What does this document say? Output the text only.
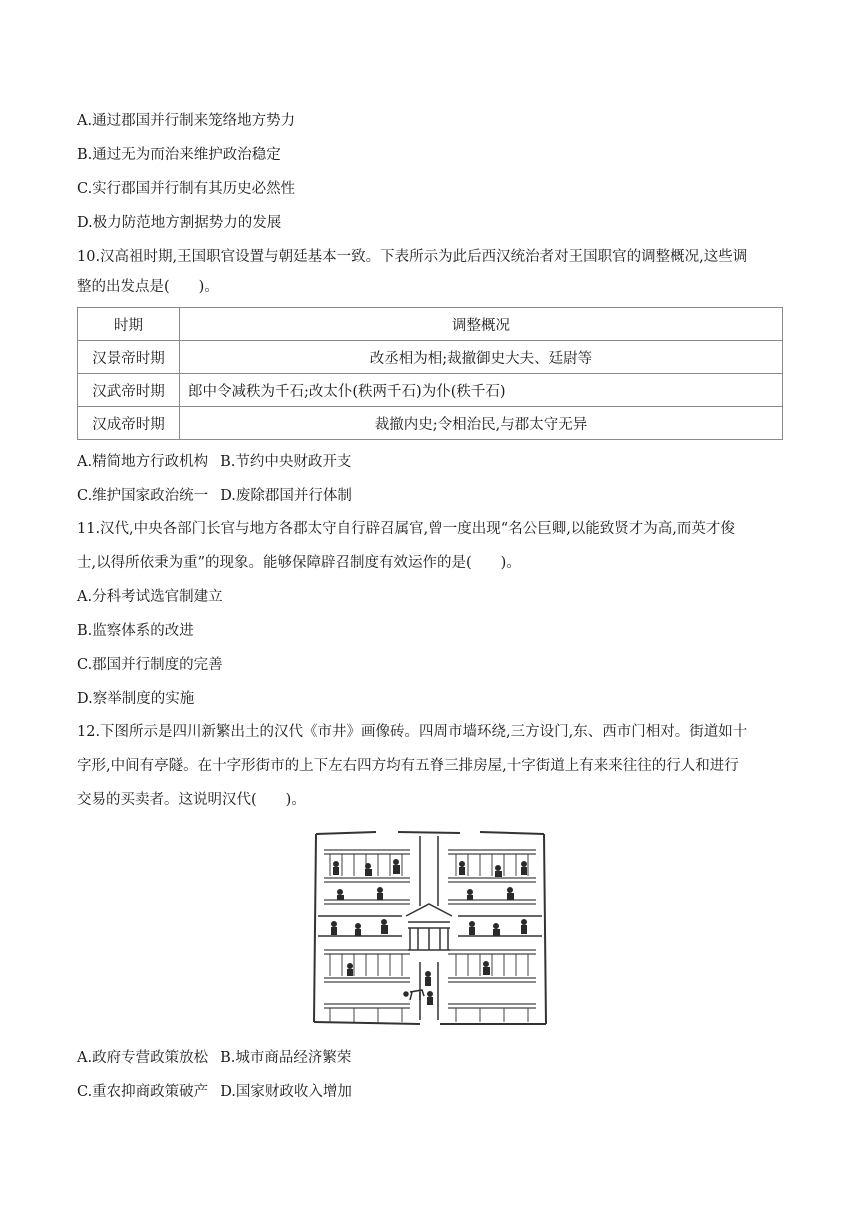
A.通过郡国并行制来笼络地方势力
B.通过无为而治来维护政治稳定
C.实行郡国并行制有其历史必然性
D.极力防范地方割据势力的发展
10.汉高祖时期,王国职官设置与朝廷基本一致。下表所示为此后西汉统治者对王国职官的调整概况,这些调
整的出发点是(　　)。
时期	调整概况
汉景帝时期	改丞相为相;裁撤御史大夫、廷尉等
汉武帝时期	郎中令减秩为千石;改太仆(秩两千石)为仆(秩千石)
汉成帝时期	裁撤内史;令相治民,与郡太守无异
A.精简地方行政机构 B.节约中央财政开支
C.维护国家政治统一 D.废除郡国并行体制
11.汉代,中央各部门长官与地方各郡太守自行辟召属官,曾一度出现“名公巨卿,以能致贤才为高,而英才俊
士,以得所依秉为重”的现象。能够保障辟召制度有效运作的是(　　)。
A.分科考试选官制建立
B.监察体系的改进
C.郡国并行制度的完善
D.察举制度的实施
12.下图所示是四川新繁出土的汉代《市井》画像砖。四周市墙环绕,三方设门,东、西市门相对。街道如十
字形,中间有亭隧。在十字形街市的上下左右四方均有五脊三排房屋,十字街道上有来来往往的行人和进行
交易的买卖者。这说明汉代(　　)。
A.政府专营政策放松 B.城市商品经济繁荣
C.重农抑商政策破产 D.国家财政收入增加
